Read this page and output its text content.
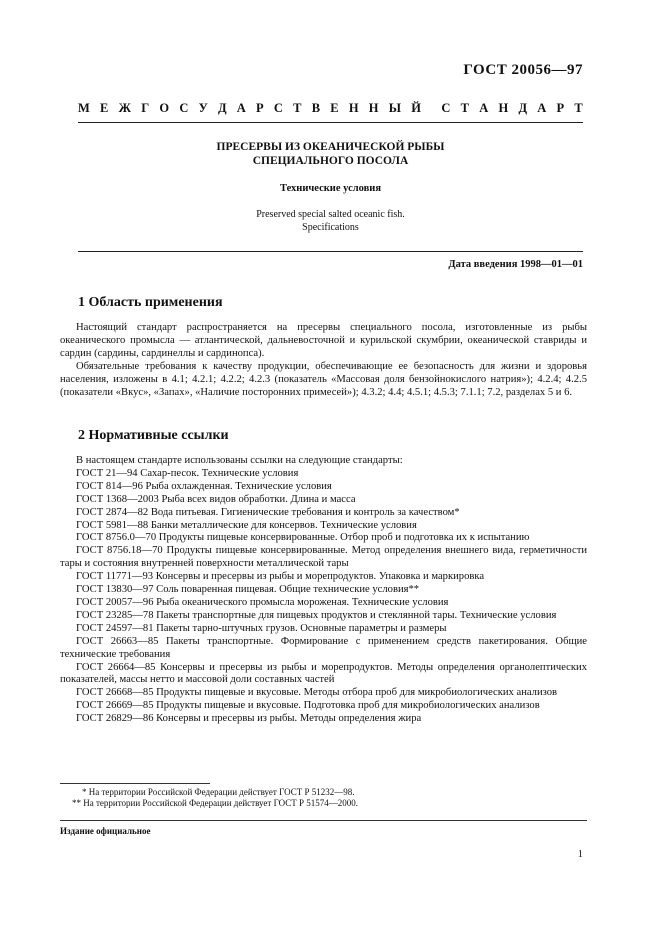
ГОСТ 20056—97
М Е Ж Г О С У Д А Р С Т В Е Н Н Ы Й С Т А Н Д А Р Т
ПРЕСЕРВЫ ИЗ ОКЕАНИЧЕСКОЙ РЫБЫ
СПЕЦИАЛЬНОГО ПОСОЛА
Технические условия
Preserved special salted oceanic fish.
Specifications
Дата введения 1998—01—01
1 Область применения
Настоящий стандарт распространяется на пресервы специального посола, изготовленные из рыбы океанического промысла — атлантической, дальневосточной и курильской скумбрии, океанической ставриды и сардин (сардины, сардинеллы и сардинопса).
Обязательные требования к качеству продукции, обеспечивающие ее безопасность для жизни и здоровья населения, изложены в 4.1; 4.2.1; 4.2.2; 4.2.3 (показатель «Массовая доля бензойнокислого натрия»); 4.2.4; 4.2.5 (показатели «Вкус», «Запах», «Наличие посторонних примесей»); 4.3.2; 4.4; 4.5.1; 4.5.3; 7.1.1; 7.2, разделах 5 и 6.
2 Нормативные ссылки
В настоящем стандарте использованы ссылки на следующие стандарты:
ГОСТ 21—94 Сахар-песок. Технические условия
ГОСТ 814—96 Рыба охлажденная. Технические условия
ГОСТ 1368—2003 Рыба всех видов обработки. Длина и масса
ГОСТ 2874—82 Вода питьевая. Гигиенические требования и контроль за качеством*
ГОСТ 5981—88 Банки металлические для консервов. Технические условия
ГОСТ 8756.0—70 Продукты пищевые консервированные. Отбор проб и подготовка их к испытанию
ГОСТ 8756.18—70 Продукты пищевые консервированные. Метод определения внешнего вида, герметичности тары и состояния внутренней поверхности металлической тары
ГОСТ 11771—93 Консервы и пресервы из рыбы и морепродуктов. Упаковка и маркировка
ГОСТ 13830—97 Соль поваренная пищевая. Общие технические условия**
ГОСТ 20057—96 Рыба океанического промысла мороженая. Технические условия
ГОСТ 23285—78 Пакеты транспортные для пищевых продуктов и стеклянной тары. Технические условия
ГОСТ 24597—81 Пакеты тарно-штучных грузов. Основные параметры и размеры
ГОСТ 26663—85 Пакеты транспортные. Формирование с применением средств пакетирования. Общие технические требования
ГОСТ 26664—85 Консервы и пресервы из рыбы и морепродуктов. Методы определения органолептических показателей, массы нетто и массовой доли составных частей
ГОСТ 26668—85 Продукты пищевые и вкусовые. Методы отбора проб для микробиологических анализов
ГОСТ 26669—85 Продукты пищевые и вкусовые. Подготовка проб для микробиологических анализов
ГОСТ 26829—86 Консервы и пресервы из рыбы. Методы определения жира
* На территории Российской Федерации действует ГОСТ Р 51232—98.
** На территории Российской Федерации действует ГОСТ Р 51574—2000.
Издание официальное
1
